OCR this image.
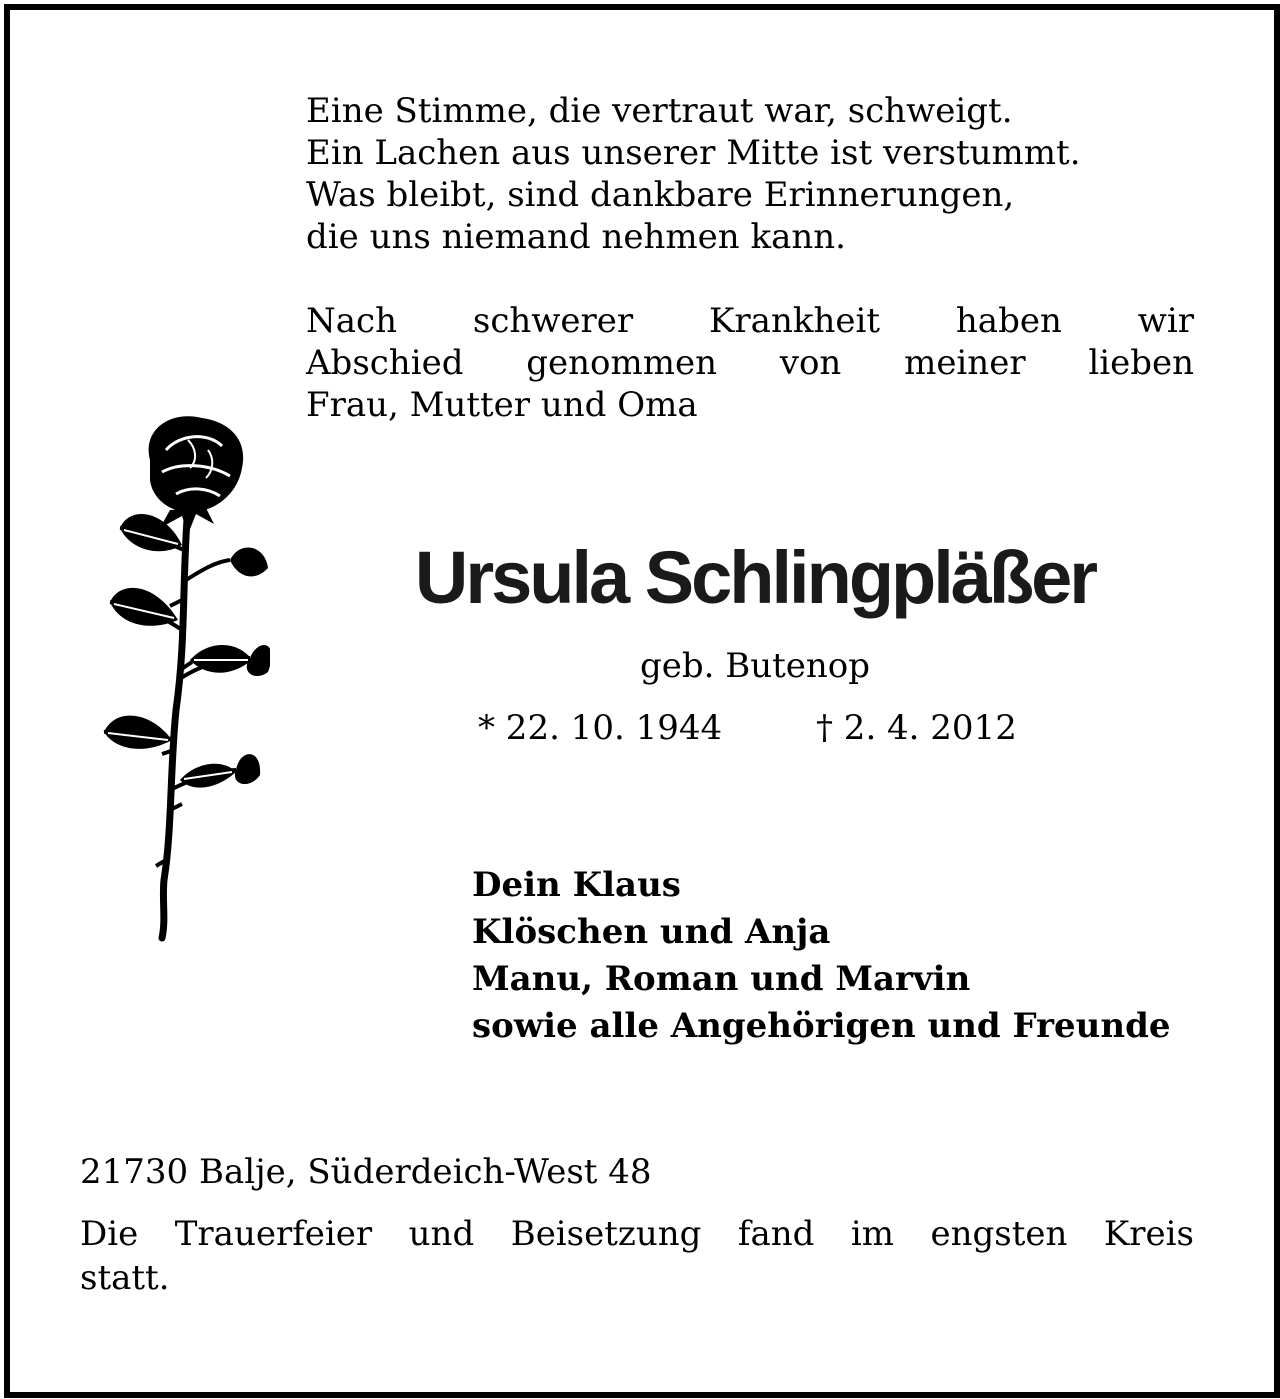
Eine Stimme, die vertraut war, schweigt.
Ein Lachen aus unserer Mitte ist verstummt.
Was bleibt, sind dankbare Erinnerungen,
die uns niemand nehmen kann.
Nach schwerer Krankheit haben wir
Abschied genommen von meiner lieben
Frau, Mutter und Oma
Ursula Schlingpläßer
geb. Butenop
* 22. 10. 1944	† 2. 4. 2012
Dein Klaus
Klöschen und Anja
Manu, Roman und Marvin
sowie alle Angehörigen und Freunde
21730 Balje, Süderdeich-West 48
Die Trauerfeier und Beisetzung fand im engsten Kreis
statt.
